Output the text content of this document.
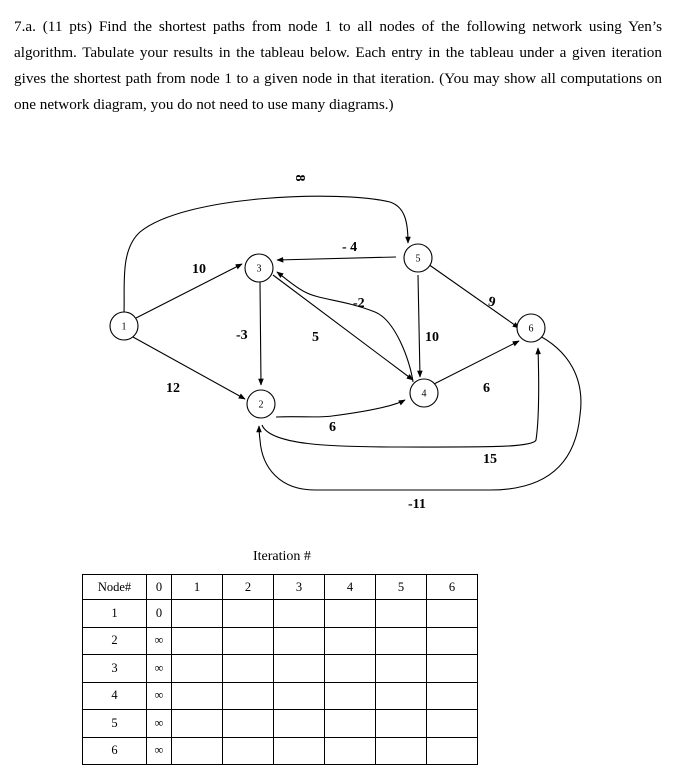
7.a. (11 pts) Find the shortest paths from node 1 to all nodes of the following network using Yen’s algorithm. Tabulate your results in the tableau below. Each entry in the tableau under a given iteration gives the shortest path from node 1 to a given node in that iteration. (You may show all computations on one network diagram, you do not need to use many diagrams.)

1
3
5
6
4
2
8
- 4
10
-2	9
-3	5	10
12	6
6
15
-11
Iteration #
Node#	0	1	2	3	4	5	6
1	0						
2	∞						
3	∞						
4	∞						
5	∞						
6	∞						
